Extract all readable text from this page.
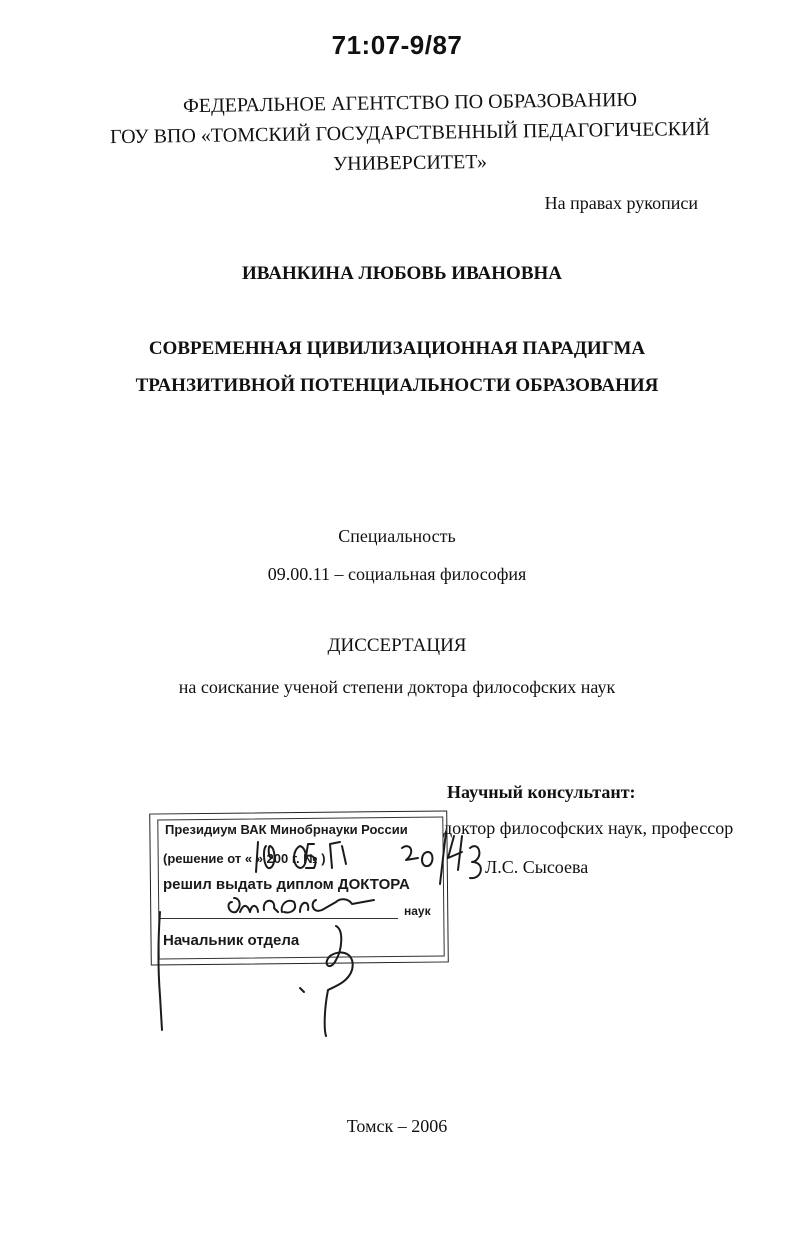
71:07-9/87
ФЕДЕРАЛЬНОЕ АГЕНТСТВО ПО ОБРАЗОВАНИЮ
ГОУ ВПО «ТОМСКИЙ ГОСУДАРСТВЕННЫЙ ПЕДАГОГИЧЕСКИЙ
УНИВЕРСИТЕТ»
На правах рукописи
ИВАНКИНА ЛЮБОВЬ ИВАНОВНА
СОВРЕМЕННАЯ ЦИВИЛИЗАЦИОННАЯ ПАРАДИГМА
ТРАНЗИТИВНОЙ ПОТЕНЦИАЛЬНОСТИ ОБРАЗОВАНИЯ
Специальность
09.00.11 – социальная философия
ДИССЕРТАЦИЯ
на соискание ученой степени доктора философских наук
Научный консультант:
доктор философских наук, профессор
Л.С. Сысоева
Президиум ВАК Минобрнауки России
(решение от « » 200 г. № )
решил выдать диплом ДОКТОРА
наук
Начальник отдела
Томск – 2006
